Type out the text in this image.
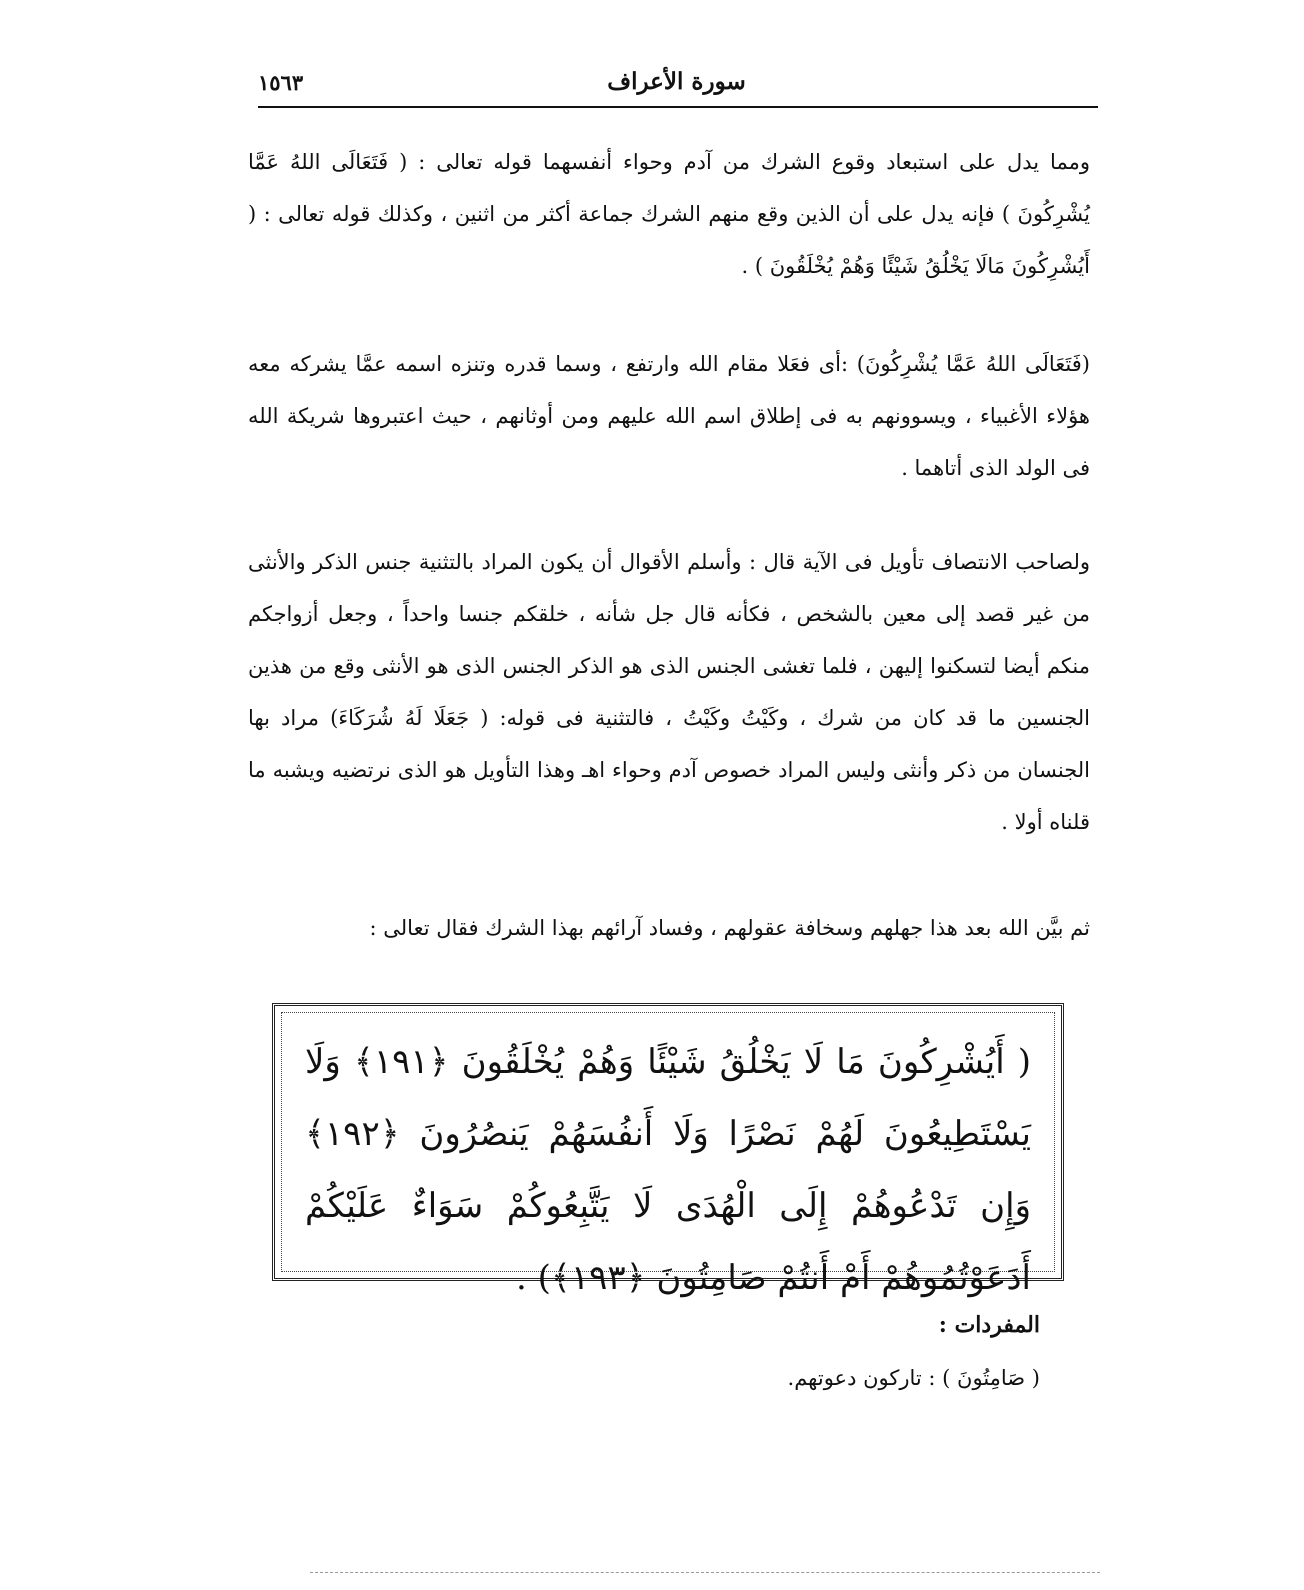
١٥٦٣	سورة الأعراف

ومما يدل على استبعاد وقوع الشرك من آدم وحواء أنفسهما قوله تعالى : ( فَتَعَالَى اللهُ عَمَّا يُشْرِكُونَ ) فإنه يدل على أن الذين وقع منهم الشرك جماعة أكثر من اثنين ، وكذلك قوله تعالى : ( أَيُشْرِكُونَ مَالَا يَخْلُقُ شَيْئًا وَهُمْ يُخْلَقُونَ ) .

(فَتَعَالَى اللهُ عَمَّا يُشْرِكُونَ) :أى فعَلا مقام الله وارتفع ، وسما قدره وتنزه اسمه عمَّا يشركه معه هؤلاء الأغبياء ، ويسوونهم به فى إطلاق اسم الله عليهم ومن أوثانهم ، حيث اعتبروها شريكة الله فى الولد الذى أتاهما .

ولصاحب الانتصاف تأويل فى الآية قال : وأسلم الأقوال أن يكون المراد بالتثنية جنس الذكر والأنثى من غير قصد إلى معين بالشخص ، فكأنه قال جل شأنه ، خلقكم جنسا واحداً ، وجعل أزواجكم منكم أيضا لتسكنوا إليهن ، فلما تغشى الجنس الذى هو الذكر الجنس الذى هو الأنثى وقع من هذين الجنسين ما قد كان من شرك ، وكَيْتُ وكَيْتُ ، فالتثنية فى قوله: ( جَعَلَا لَهُ شُرَكَاءَ) مراد بها الجنسان من ذكر وأنثى وليس المراد خصوص آدم وحواء اهـ وهذا التأويل هو الذى نرتضيه ويشبه ما قلناه أولا .

ثم بيَّن الله بعد هذا جهلهم وسخافة عقولهم ، وفساد آرائهم بهذا الشرك فقال تعالى :

( أَيُشْرِكُونَ مَا لَا يَخْلُقُ شَيْئًا وَهُمْ يُخْلَقُونَ ﴿١٩١﴾ وَلَا يَسْتَطِيعُونَ لَهُمْ نَصْرًا وَلَا أَنفُسَهُمْ يَنصُرُونَ ﴿١٩٢﴾ وَإِن تَدْعُوهُمْ إِلَى الْهُدَى لَا يَتَّبِعُوكُمْ سَوَاءٌ عَلَيْكُمْ أَدَعَوْتُمُوهُمْ أَمْ أَنتُمْ صَامِتُونَ ﴿١٩٣﴾) .

المفردات :
( صَامِتُونَ ) : تاركون دعوتهم.
